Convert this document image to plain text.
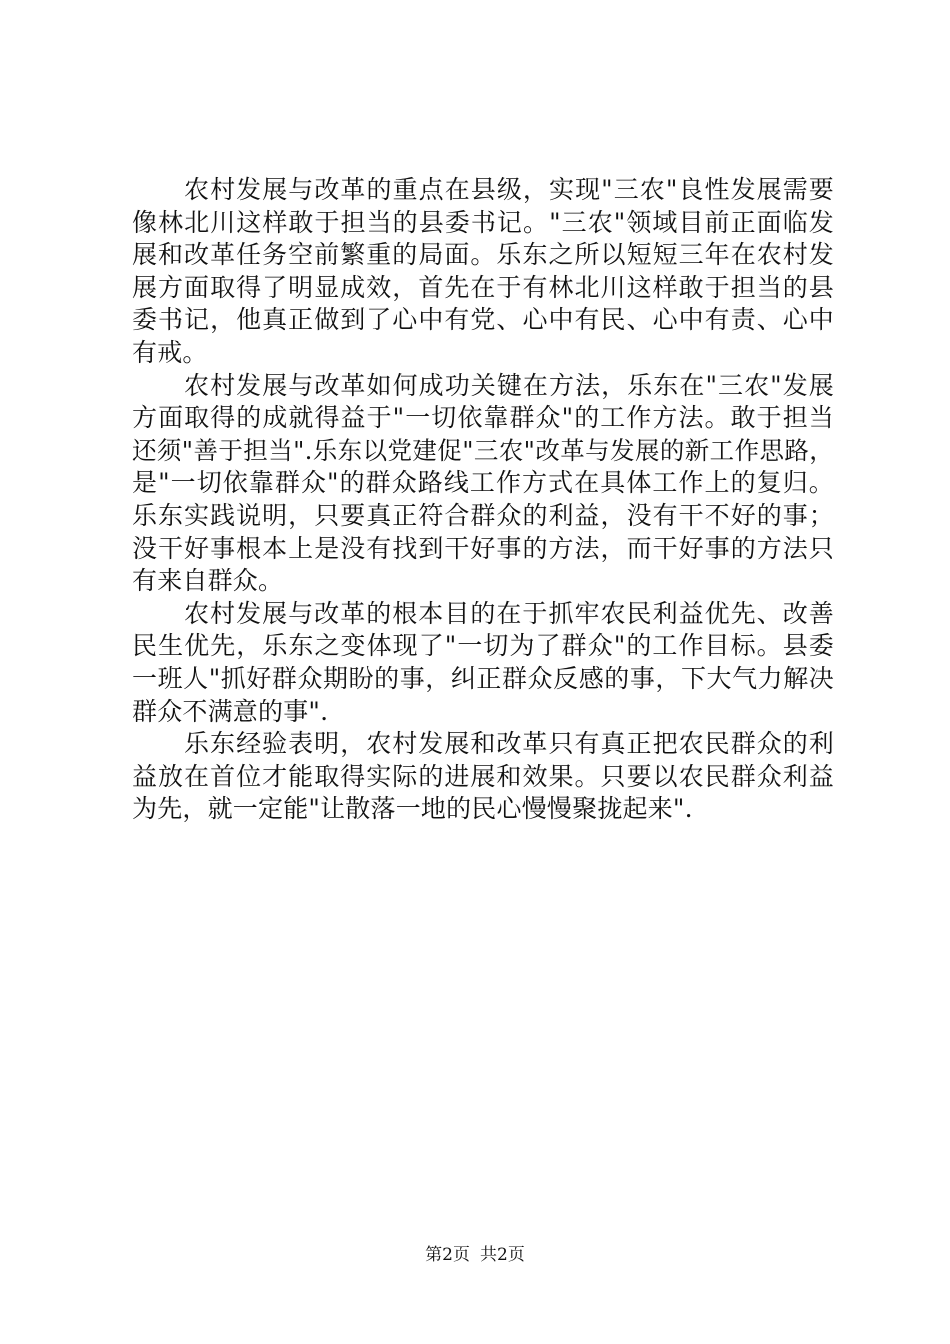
农村发展与改革的重点在县级，实现"三农"良性发展需要
像林北川这样敢于担当的县委书记。"三农"领域目前正面临发
展和改革任务空前繁重的局面。乐东之所以短短三年在农村发
展方面取得了明显成效，首先在于有林北川这样敢于担当的县
委书记，他真正做到了心中有党、心中有民、心中有责、心中
有戒。
农村发展与改革如何成功关键在方法，乐东在"三农"发展
方面取得的成就得益于"一切依靠群众"的工作方法。敢于担当
还须"善于担当".乐东以党建促"三农"改革与发展的新工作思路，
是"一切依靠群众"的群众路线工作方式在具体工作上的复归。
乐东实践说明，只要真正符合群众的利益，没有干不好的事；
没干好事根本上是没有找到干好事的方法，而干好事的方法只
有来自群众。
农村发展与改革的根本目的在于抓牢农民利益优先、改善
民生优先，乐东之变体现了"一切为了群众"的工作目标。县委
一班人"抓好群众期盼的事，纠正群众反感的事，下大气力解决
群众不满意的事".
乐东经验表明，农村发展和改革只有真正把农民群众的利
益放在首位才能取得实际的进展和效果。只要以农民群众利益
为先，就一定能"让散落一地的民心慢慢聚拢起来".
第2页 共2页
